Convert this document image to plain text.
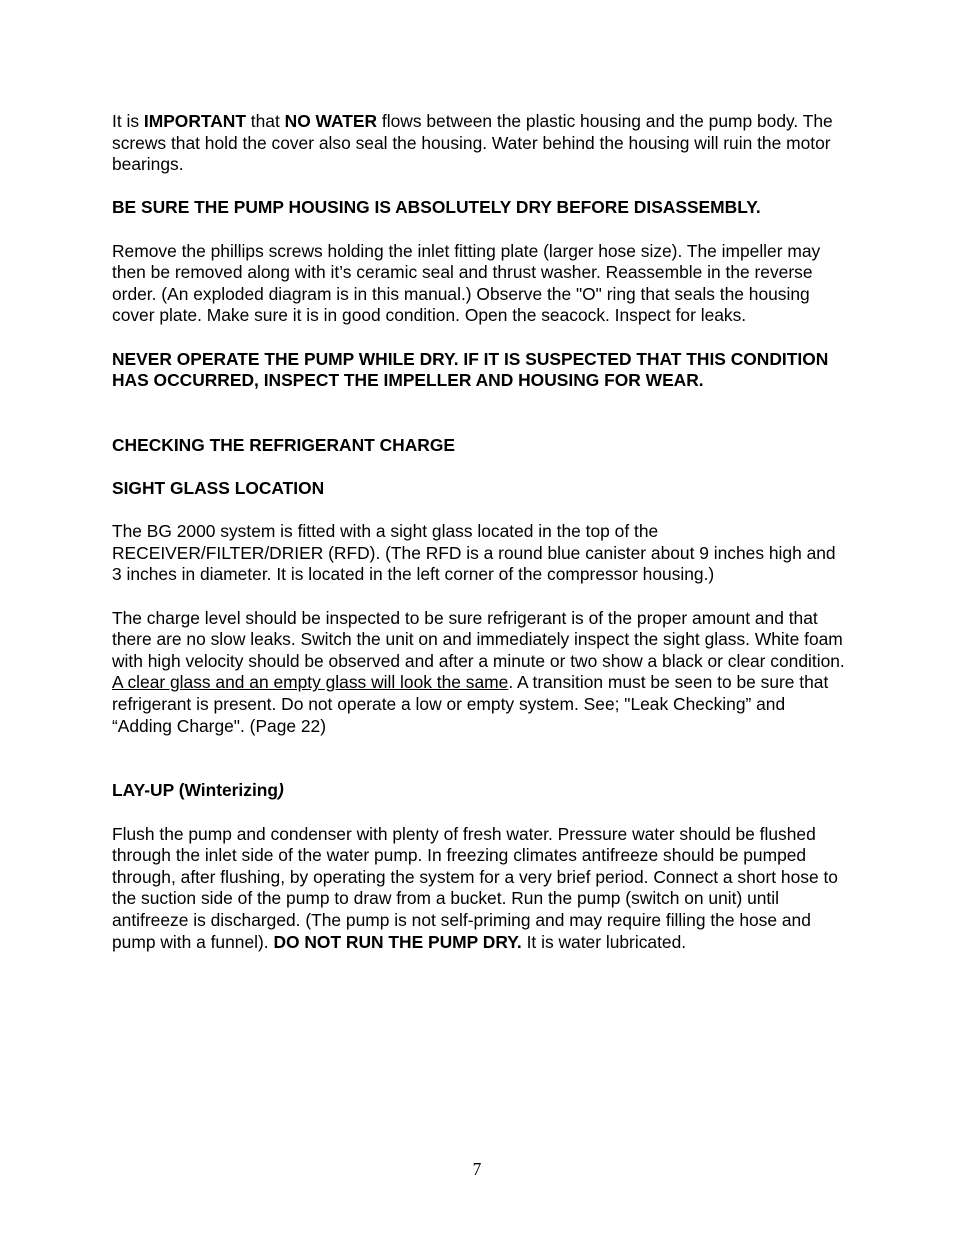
It is IMPORTANT that NO WATER flows between the plastic housing and the pump body. The screws that hold the cover also seal the housing. Water behind the housing will ruin the motor bearings.

BE SURE THE PUMP HOUSING IS ABSOLUTELY DRY BEFORE DISASSEMBLY.

Remove the phillips screws holding the inlet fitting plate (larger hose size). The impeller may then be removed along with it’s ceramic seal and thrust washer. Reassemble in the reverse order. (An exploded diagram is in this manual.) Observe the "O" ring that seals the housing cover plate. Make sure it is in good condition. Open the seacock. Inspect for leaks.

NEVER OPERATE THE PUMP WHILE DRY. IF IT IS SUSPECTED THAT THIS CONDITION HAS OCCURRED, INSPECT THE IMPELLER AND HOUSING FOR WEAR.

CHECKING THE REFRIGERANT CHARGE

SIGHT GLASS LOCATION

The BG 2000 system is fitted with a sight glass located in the top of the RECEIVER/FILTER/DRIER (RFD). (The RFD is a round blue canister about 9 inches high and 3 inches in diameter. It is located in the left corner of the compressor housing.)

The charge level should be inspected to be sure refrigerant is of the proper amount and that there are no slow leaks. Switch the unit on and immediately inspect the sight glass. White foam with high velocity should be observed and after a minute or two show a black or clear condition. A clear glass and an empty glass will look the same. A transition must be seen to be sure that refrigerant is present. Do not operate a low or empty system. See; "Leak Checking” and “Adding Charge". (Page 22)

LAY-UP (Winterizing)

Flush the pump and condenser with plenty of fresh water. Pressure water should be flushed through the inlet side of the water pump. In freezing climates antifreeze should be pumped through, after flushing, by operating the system for a very brief period. Connect a short hose to the suction side of the pump to draw from a bucket. Run the pump (switch on unit) until antifreeze is discharged. (The pump is not self-priming and may require filling the hose and pump with a funnel). DO NOT RUN THE PUMP DRY. It is water lubricated.

7
